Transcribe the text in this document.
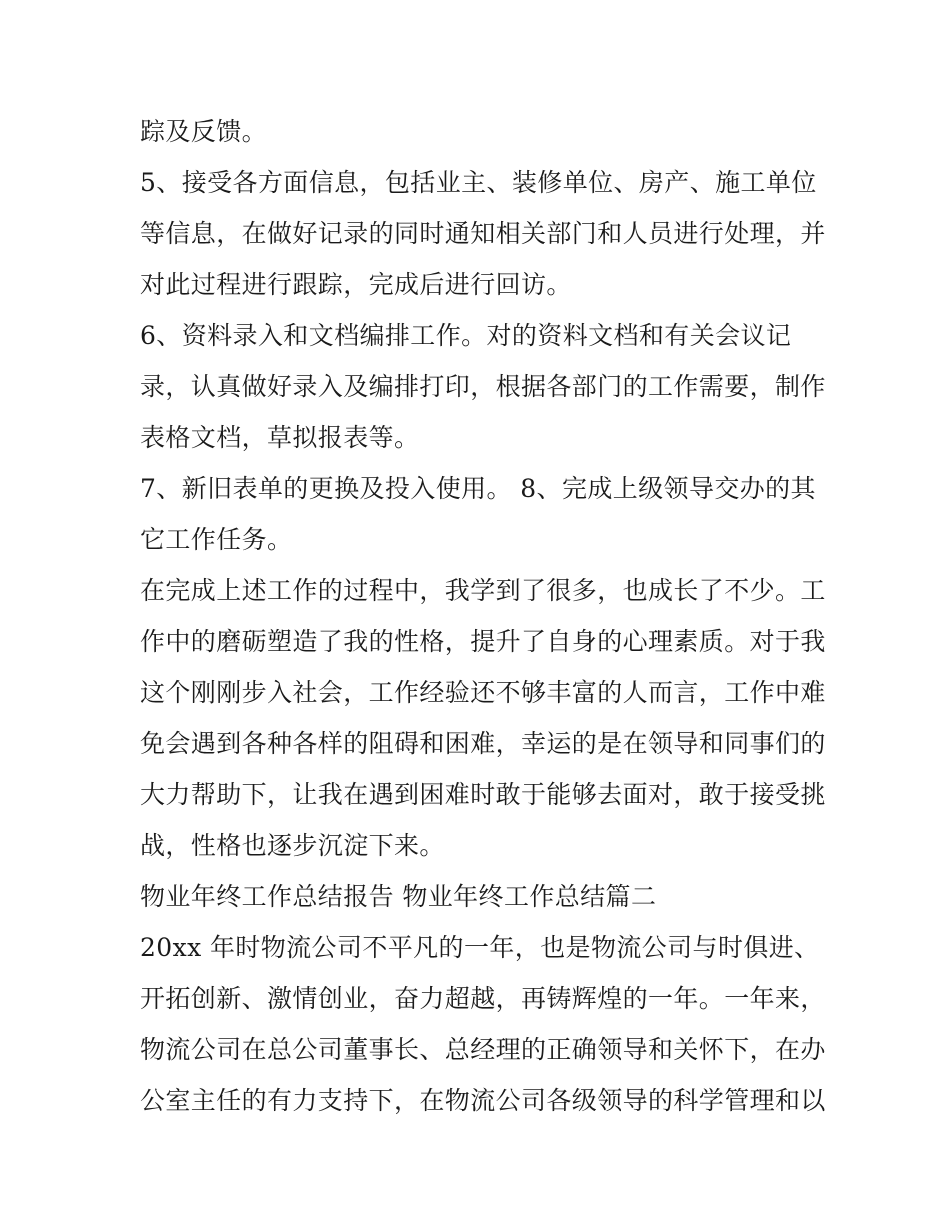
踪及反馈。
5、接受各方面信息，包括业主、装修单位、房产、施工单位
等信息，在做好记录的同时通知相关部门和人员进行处理，并
对此过程进行跟踪，完成后进行回访。
6、资料录入和文档编排工作。对的资料文档和有关会议记
录，认真做好录入及编排打印，根据各部门的工作需要，制作
表格文档，草拟报表等。
7、新旧表单的更换及投入使用。 8、完成上级领导交办的其
它工作任务。
在完成上述工作的过程中，我学到了很多，也成长了不少。工
作中的磨砺塑造了我的性格，提升了自身的心理素质。对于我
这个刚刚步入社会，工作经验还不够丰富的人而言，工作中难
免会遇到各种各样的阻碍和困难，幸运的是在领导和同事们的
大力帮助下，让我在遇到困难时敢于能够去面对，敢于接受挑
战，性格也逐步沉淀下来。
物业年终工作总结报告 物业年终工作总结篇二
20xx 年时物流公司不平凡的一年，也是物流公司与时俱进、
开拓创新、激情创业，奋力超越，再铸辉煌的一年。一年来，
物流公司在总公司董事长、总经理的正确领导和关怀下，在办
公室主任的有力支持下，在物流公司各级领导的科学管理和以
